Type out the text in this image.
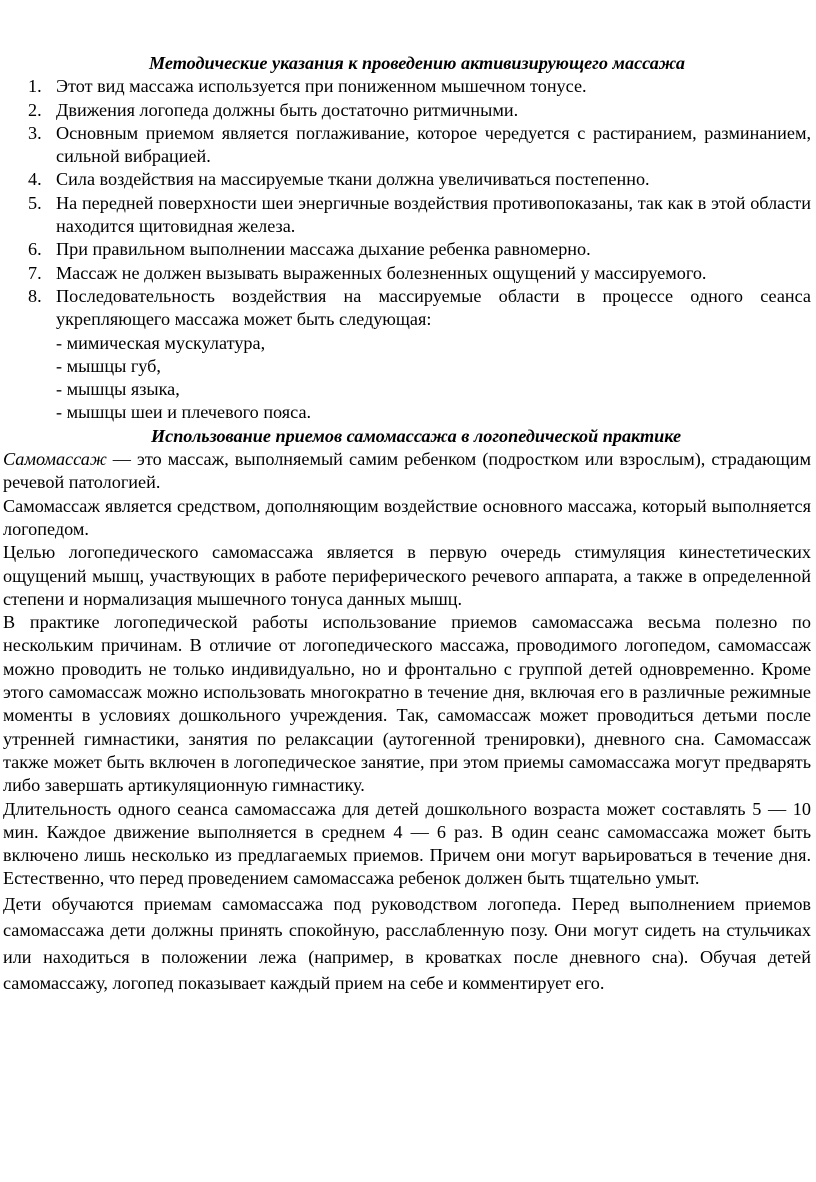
Методические указания к проведению активизирующего массажа
1. Этот вид массажа используется при пониженном мышечном тонусе.
2. Движения логопеда должны быть достаточно ритмичными.
3. Основным приемом является поглаживание, которое чередуется с растиранием, разминанием, сильной вибрацией.
4. Сила воздействия на массируемые ткани должна увеличиваться постепенно.
5. На передней поверхности шеи энергичные воздействия противопоказаны, так как в этой области находится щитовидная железа.
6. При правильном выполнении массажа дыхание ребенка равномерно.
7. Массаж не должен вызывать выраженных болезненных ощущений у массируемого.
8. Последовательность воздействия на массируемые области в процессе одного сеанса укрепляющего массажа может быть следующая:
- мимическая мускулатура,
- мышцы губ,
- мышцы языка,
- мышцы шеи и плечевого пояса.
Использование приемов самомассажа в логопедической практике

Самомассаж — это массаж, выполняемый самим ребенком (подростком или взрослым), страдающим речевой патологией.

Самомассаж является средством, дополняющим воздействие основного массажа, который выполняется логопедом.

Целью логопедического самомассажа является в первую очередь стимуляция кинестетических ощущений мышц, участвующих в работе периферического речевого аппарата, а также в определенной степени и нормализация мышечного тонуса данных мышц.

В практике логопедической работы использование приемов самомассажа весьма полезно по нескольким причинам. В отличие от логопедического массажа, проводимого логопедом, самомассаж можно проводить не только индивидуально, но и фронтально с группой детей одновременно. Кроме этого самомассаж можно использовать многократно в течение дня, включая его в различные режимные моменты в условиях дошкольного учреждения. Так, самомассаж может проводиться детьми после утренней гимнастики, занятия по релаксации (аутогенной тренировки), дневного сна. Самомассаж также может быть включен в логопедическое занятие, при этом приемы самомассажа могут предварять либо завершать артикуляционную гимнастику.

Длительность одного сеанса самомассажа для детей дошкольного возраста может составлять 5 — 10 мин. Каждое движение выполняется в среднем 4 — 6 раз. В один сеанс самомассажа может быть включено лишь несколько из предлагаемых приемов. Причем они могут варьироваться в течение дня. Естественно, что перед проведением самомассажа ребенок должен быть тщательно умыт.

Дети обучаются приемам самомассажа под руководством логопеда. Перед выполнением приемов самомассажа дети должны принять спокойную, расслабленную позу. Они могут сидеть на стульчиках или находиться в положении лежа (например, в кроватках после дневного сна). Обучая детей самомассажу, логопед показывает каждый прием на себе и комментирует его.
